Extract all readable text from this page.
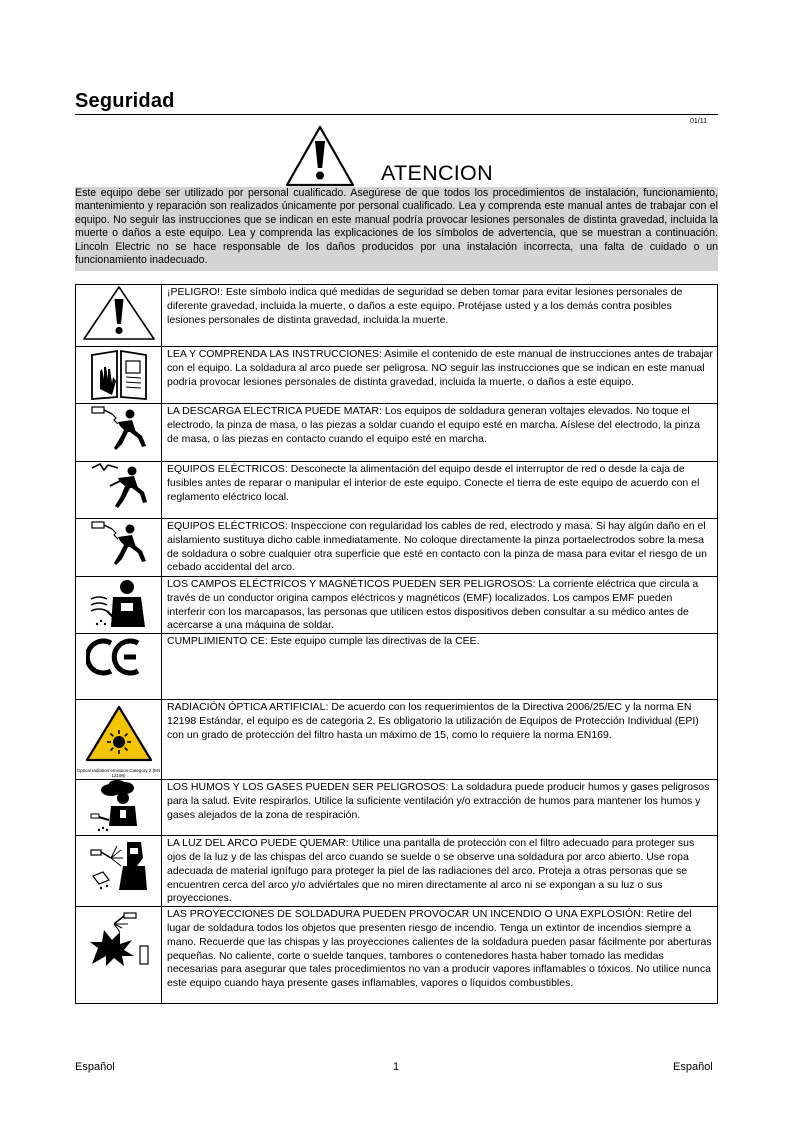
Seguridad
01/11
ATENCION

Este equipo debe ser utilizado por personal cualificado. Asegúrese de que todos los procedimientos de instalación, funcionamiento, mantenimiento y reparación son realizados únicamente por personal cualificado. Lea y comprenda este manual antes de trabajar con el equipo. No seguir las instrucciones que se indican en este manual podría provocar lesiones personales de distinta gravedad, incluida la muerte o daños a este equipo. Lea y comprenda las explicaciones de los símbolos de advertencia, que se muestran a continuación. Lincoln Electric no se hace responsable de los daños producidos por una instalación incorrecta, una falta de cuidado o un funcionamiento inadecuado.

	¡PELIGRO!: Este símbolo indica qué medidas de seguridad se deben tomar para evitar lesiones personales de diferente gravedad, incluida la muerte, o daños a este equipo. Protéjase usted y a los demás contra posibles lesiones personales de distinta gravedad, incluida la muerte.

	LEA Y COMPRENDA LAS INSTRUCCIONES: Asimile el contenido de este manual de instrucciones antes de trabajar con el equipo. La soldadura al arco puede ser peligrosa. NO seguir las instrucciones que se indican en este manual podría provocar lesiones personales de distinta gravedad, incluida la muerte, o daños a este equipo.

	LA DESCARGA ELECTRICA PUEDE MATAR: Los equipos de soldadura generan voltajes elevados. No toque el electrodo, la pinza de masa, o las piezas a soldar cuando el equipo esté en marcha. Aíslese del electrodo, la pinza de masa, o las piezas en contacto cuando el equipo esté en marcha.

	EQUIPOS ELÉCTRICOS: Desconecte la alimentación del equipo desde el interruptor de red o desde la caja de fusibles antes de reparar o manipular el interior de este equipo. Conecte el tierra de este equipo de acuerdo con el reglamento eléctrico local.

	EQUIPOS ELÉCTRICOS: Inspeccione con regularidad los cables de red, electrodo y masa. Si hay algún daño en el aislamiento sustituya dicho cable inmediatamente. No coloque directamente la pinza portaelectrodos sobre la mesa de soldadura o sobre cualquier otra superficie que esté en contacto con la pinza de masa para evitar el riesgo de un cebado accidental del arco.

	LOS CAMPOS ELÉCTRICOS Y MAGNÉTICOS PUEDEN SER PELIGROSOS: La corriente eléctrica que circula a través de un conductor origina campos eléctricos y magnéticos (EMF) localizados. Los campos EMF pueden interferir con los marcapasos, las personas que utilicen estos dispositivos deben consultar a su médico antes de acercarse a una máquina de soldar.

	CUMPLIMIENTO CE: Este equipo cumple las directivas de la CEE.

Optical radiation emission Category 2 (EN 12198)	RADIACIÓN ÓPTICA ARTIFICIAL: De acuerdo con los requerimientos de la Directiva 2006/25/EC y la norma EN 12198 Estándar, el equipo es de categoria 2. Es obligatorio la utilización de Equipos de Protección Individual (EPI) con un grado de protección del filtro hasta un máximo de 15, como lo requiere la norma EN169.

	LOS HUMOS Y LOS GASES PUEDEN SER PELIGROSOS: La soldadura puede producir humos y gases peligrosos para la salud. Evite respirarlos. Utilice la suficiente ventilación y/o extracción de humos para mantener los humos y gases alejados de la zona de respiración.

	LA LUZ DEL ARCO PUEDE QUEMAR: Utilice una pantalla de protección con el filtro adecuado para proteger sus ojos de la luz y de las chispas del arco cuando se suelde o se observe una soldadura por arco abierto. Use ropa adecuada de material ignífugo para proteger la piel de las radiaciones del arco. Proteja a otras personas que se encuentren cerca del arco y/o adviértales que no miren directamente al arco ni se expongan a su luz o sus proyecciones.

	LAS PROYECCIONES DE SOLDADURA PUEDEN PROVOCAR UN INCENDIO O UNA EXPLOSIÓN: Retire del lugar de soldadura todos los objetos que presenten riesgo de incendio. Tenga un extintor de incendios siempre a mano. Recuerde que las chispas y las proyecciones calientes de la soldadura pueden pasar fácilmente por aberturas pequeñas. No caliente, corte o suelde tanques, tambores o contenedores hasta haber tomado las medidas necesarias para asegurar que tales procedimientos no van a producir vapores inflamables o tóxicos. No utilice nunca este equipo cuando haya presente gases inflamables, vapores o líquidos combustibles.
Español	1	Español
